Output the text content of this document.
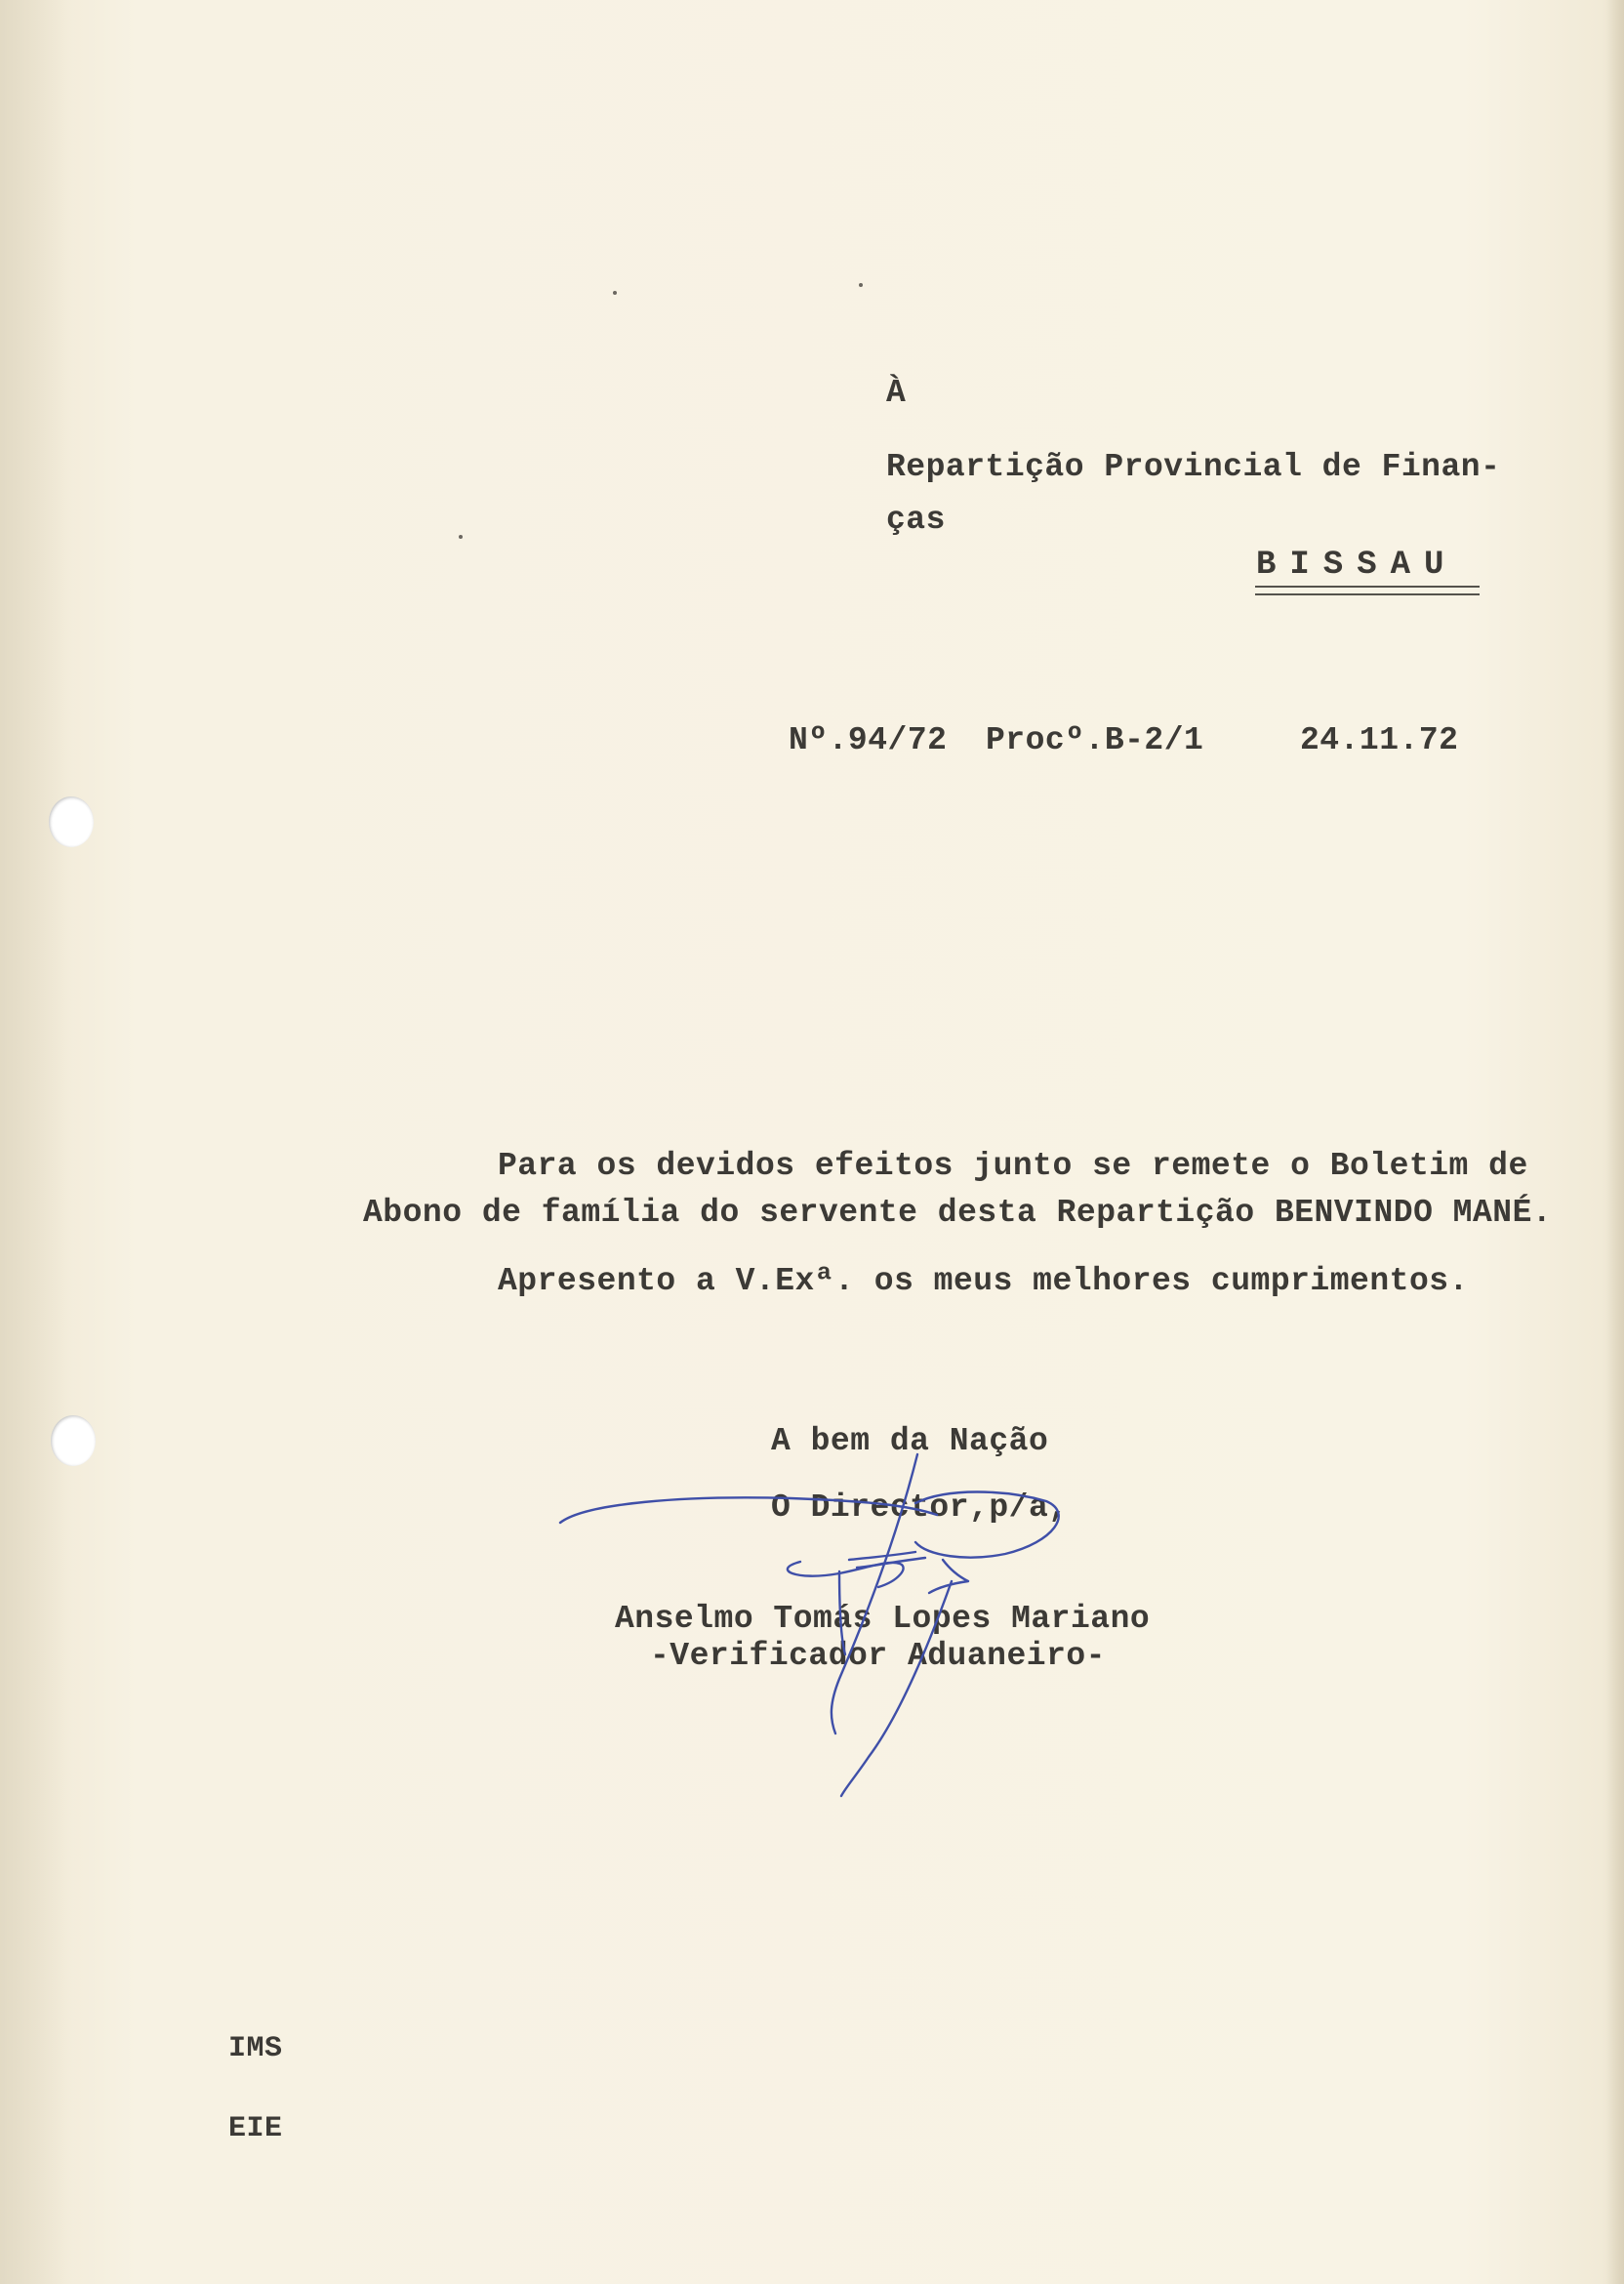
À
Repartição Provincial de Finan-
ças
BISSAU
Nº.94/72 Procº.B-2/1	24.11.72
Para os devidos efeitos junto se remete o Boletim de
Abono de família do servente desta Repartição BENVINDO MANÉ.
Apresento a V.Exª. os meus melhores cumprimentos.
A bem da Nação
O Director,p/a,
Anselmo Tomás Lopes Mariano
-Verificador Aduaneiro-
IMS
EIE
